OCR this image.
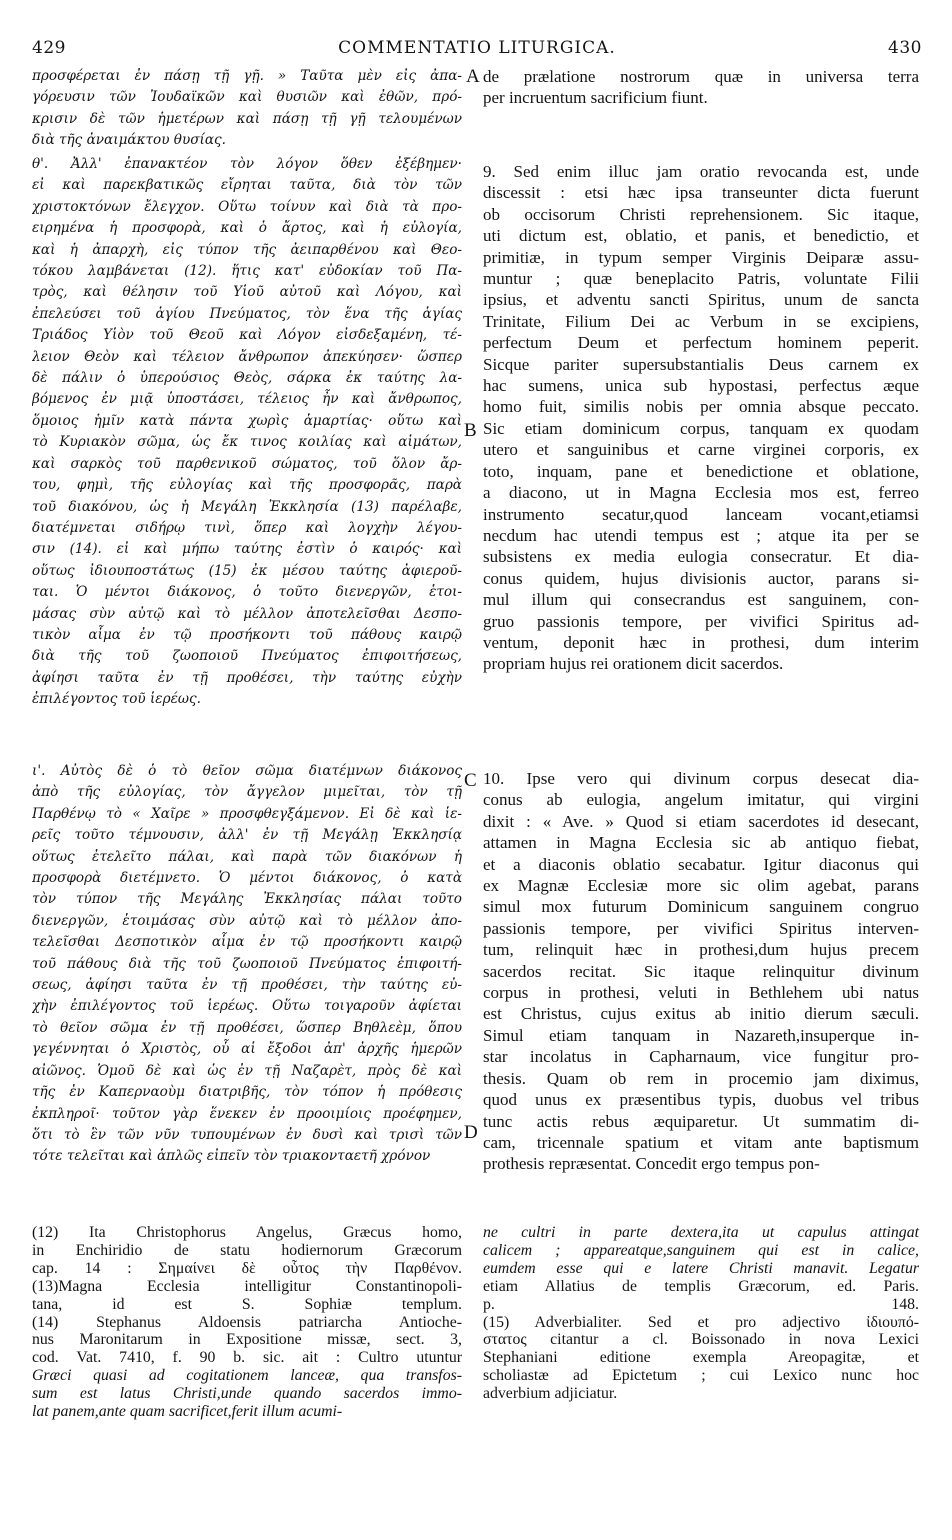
429	COMMENTATIO LITURGICA.	430
προσφέρεται ἐν πάσῃ τῇ γῇ. » Ταῦτα μὲν εἰς ἀπα-
γόρευσιν τῶν Ἰουδαϊκῶν καὶ θυσιῶν καὶ ἐθῶν, πρό-
κρισιν δὲ τῶν ἡμετέρων καὶ πάσῃ τῇ γῇ τελουμένων
διὰ τῆς ἀναιμάκτου θυσίας.
θ'. Ἀλλ' ἐπανακτέον τὸν λόγον ὅθεν ἐξέβημεν·
εἰ καὶ παρεκβατικῶς εἴρηται ταῦτα, διὰ τὸν τῶν
χριστοκτόνων ἔλεγχον. Οὕτω τοίνυν καὶ διὰ τὰ προ-
ειρημένα ἡ προσφορὰ, καὶ ὁ ἄρτος, καὶ ἡ εὐλογία,
καὶ ἡ ἀπαρχὴ, εἰς τύπον τῆς ἀειπαρθένου καὶ Θεο-
τόκου λαμβάνεται (12). ἥτις κατ' εὐδοκίαν τοῦ Πα-
τρὸς, καὶ θέλησιν τοῦ Υἱοῦ αὐτοῦ καὶ Λόγου, καὶ
ἐπελεύσει τοῦ ἁγίου Πνεύματος, τὸν ἕνα τῆς ἁγίας
Τριάδος Υἱὸν τοῦ Θεοῦ καὶ Λόγον εἰσδεξαμένη, τέ-
λειον Θεὸν καὶ τέλειον ἄνθρωπον ἀπεκύησεν· ὥσπερ
δὲ πάλιν ὁ ὑπερούσιος Θεὸς, σάρκα ἐκ ταύτης λα-
βόμενος ἐν μιᾷ ὑποστάσει, τέλειος ἦν καὶ ἄνθρωπος,
ὅμοιος ἡμῖν κατὰ πάντα χωρὶς ἁμαρτίας· οὕτω καὶ
τὸ Κυριακὸν σῶμα, ὡς ἔκ τινος κοιλίας καὶ αἱμάτων,
καὶ σαρκὸς τοῦ παρθενικοῦ σώματος, τοῦ ὅλον ἄρ-
του, φημὶ, τῆς εὐλογίας καὶ τῆς προσφορᾶς, παρὰ
τοῦ διακόνου, ὡς ἡ Μεγάλη Ἐκκλησία (13) παρέλαβε,
διατέμνεται σιδήρῳ τινὶ, ὅπερ καὶ λογχὴν λέγου-
σιν (14). εἰ καὶ μήπω ταύτης ἐστὶν ὁ καιρός· καὶ
οὕτως ἰδιουποστάτως (15) ἐκ μέσου ταύτης ἀφιεροῦ-
ται. Ὁ μέντοι διάκονος, ὁ τοῦτο διενεργῶν, ἑτοι-
μάσας σὺν αὐτῷ καὶ τὸ μέλλον ἀποτελεῖσθαι Δεσπο-
τικὸν αἷμα ἐν τῷ προσήκοντι τοῦ πάθους καιρῷ
διὰ τῆς τοῦ ζωοποιοῦ Πνεύματος ἐπιφοιτήσεως,
ἀφίησι ταῦτα ἐν τῇ προθέσει, τὴν ταύτης εὐχὴν
ἐπιλέγοντος τοῦ ἱερέως.
ι'. Αὐτὸς δὲ ὁ τὸ θεῖον σῶμα διατέμνων διάκονος
ἀπὸ τῆς εὐλογίας, τὸν ἄγγελον μιμεῖται, τὸν τῇ
Παρθένῳ τὸ « Χαῖρε » προσφθεγξάμενον. Εἰ δὲ καὶ ἱε-
ρεῖς τοῦτο τέμνουσιν, ἀλλ' ἐν τῇ Μεγάλῃ Ἐκκλησίᾳ
οὕτως ἐτελεῖτο πάλαι, καὶ παρὰ τῶν διακόνων ἡ
προσφορὰ διετέμνετο. Ὁ μέντοι διάκονος, ὁ κατὰ
τὸν τύπον τῆς Μεγάλης Ἐκκλησίας πάλαι τοῦτο
διενεργῶν, ἑτοιμάσας σὺν αὐτῷ καὶ τὸ μέλλον ἀπο-
τελεῖσθαι Δεσποτικὸν αἷμα ἐν τῷ προσήκοντι καιρῷ
τοῦ πάθους διὰ τῆς τοῦ ζωοποιοῦ Πνεύματος ἐπιφοιτή-
σεως, ἀφίησι ταῦτα ἐν τῇ προθέσει, τὴν ταύτης εὐ-
χὴν ἐπιλέγοντος τοῦ ἱερέως. Οὕτω τοιγαροῦν ἀφίεται
τὸ θεῖον σῶμα ἐν τῇ προθέσει, ὥσπερ Βηθλεὲμ, ὅπου
γεγέννηται ὁ Χριστὸς, οὗ αἱ ἔξοδοι ἀπ' ἀρχῆς ἡμερῶν
αἰῶνος. Ὁμοῦ δὲ καὶ ὡς ἐν τῇ Ναζαρὲτ, πρὸς δὲ καὶ
τῆς ἐν Καπερναοὺμ διατριβῆς, τὸν τόπον ἡ πρόθεσις
ἐκπληροῖ· τοῦτον γὰρ ἕνεκεν ἐν προοιμίοις προέφημεν,
ὅτι τὸ ἓν τῶν νῦν τυπουμένων ἐν δυσὶ καὶ τρισὶ τῶν
τότε τελεῖται καὶ ἁπλῶς εἰπεῖν τὸν τριακονταετῆ χρόνον
de prælatione nostrorum quæ in universa terra
per incruentum sacrificium fiunt.
9. Sed enim illuc jam oratio revocanda est, unde
discessit : etsi hæc ipsa transeunter dicta fuerunt
ob occisorum Christi reprehensionem. Sic itaque,
uti dictum est, oblatio, et panis, et benedictio, et
primitiæ, in typum semper Virginis Deiparæ assu-
muntur ; quæ beneplacito Patris, voluntate Filii
ipsius, et adventu sancti Spiritus, unum de sancta
Trinitate, Filium Dei ac Verbum in se excipiens,
perfectum Deum et perfectum hominem peperit.
Sicque pariter supersubstantialis Deus carnem ex
hac sumens, unica sub hypostasi, perfectus æque
homo fuit, similis nobis per omnia absque peccato.
Sic etiam dominicum corpus, tanquam ex quodam
utero et sanguinibus et carne virginei corporis, ex
toto, inquam, pane et benedictione et oblatione,
a diacono, ut in Magna Ecclesia mos est, ferreo
instrumento secatur,quod lanceam vocant,etiamsi
necdum hac utendi tempus est ; atque ita per se
subsistens ex media eulogia consecratur. Et dia-
conus quidem, hujus divisionis auctor, parans si-
mul illum qui consecrandus est sanguinem, con-
gruo passionis tempore, per vivifici Spiritus ad-
ventum, deponit hæc in prothesi, dum interim
propriam hujus rei orationem dicit sacerdos.
10. Ipse vero qui divinum corpus desecat dia-
conus ab eulogia, angelum imitatur, qui virgini
dixit : « Ave. » Quod si etiam sacerdotes id desecant,
attamen in Magna Ecclesia sic ab antiquo fiebat,
et a diaconis oblatio secabatur. Igitur diaconus qui
ex Magnæ Ecclesiæ more sic olim agebat, parans
simul mox futurum Dominicum sanguinem congruo
passionis tempore, per vivifici Spiritus interven-
tum, relinquit hæc in prothesi,dum hujus precem
sacerdos recitat. Sic itaque relinquitur divinum
corpus in prothesi, veluti in Bethlehem ubi natus
est Christus, cujus exitus ab initio dierum sæculi.
Simul etiam tanquam in Nazareth,insuperque in-
star incolatus in Capharnaum, vice fungitur pro-
thesis. Quam ob rem in procemio jam diximus,
quod unus ex præsentibus typis, duobus vel tribus
tunc actis rebus æquiparetur. Ut summatim di-
cam, tricennale spatium et vitam ante baptismum
prothesis repræsentat. Concedit ergo tempus pon-
A
B
C
D
(12) Ita Christophorus Angelus, Græcus homo,
in Enchiridio de statu hodiernorum Græcorum
cap. 14 : Σημαίνει δὲ οὗτος τὴν Παρθένον.
(13)Magna Ecclesia intelligitur Constantinopoli-
tana, id est S. Sophiæ templum.
(14) Stephanus Aldoensis patriarcha Antioche-
nus Maronitarum in Expositione missæ, sect. 3,
cod. Vat. 7410, f. 90 b. sic. ait : Cultro utuntur
Græci quasi ad cogitationem lanceæ, qua transfos-
sum est latus Christi,unde quando sacerdos immo-
lat panem,ante quam sacrificet,ferit illum acumi-
ne cultri in parte dextera,ita ut capulus attingat
calicem ; appareatque,sanguinem qui est in calice,
eumdem esse qui e latere Christi manavit. Legatur
etiam Allatius de templis Græcorum, ed. Paris.
p. 148.
(15) Adverbialiter. Sed et pro adjectivo ἰδιουπό-
στατος citantur a cl. Boissonado in nova Lexici
Stephaniani editione exempla Areopagitæ, et
scholiastæ ad Epictetum ; cui Lexico nunc hoc
adverbium adjiciatur.
